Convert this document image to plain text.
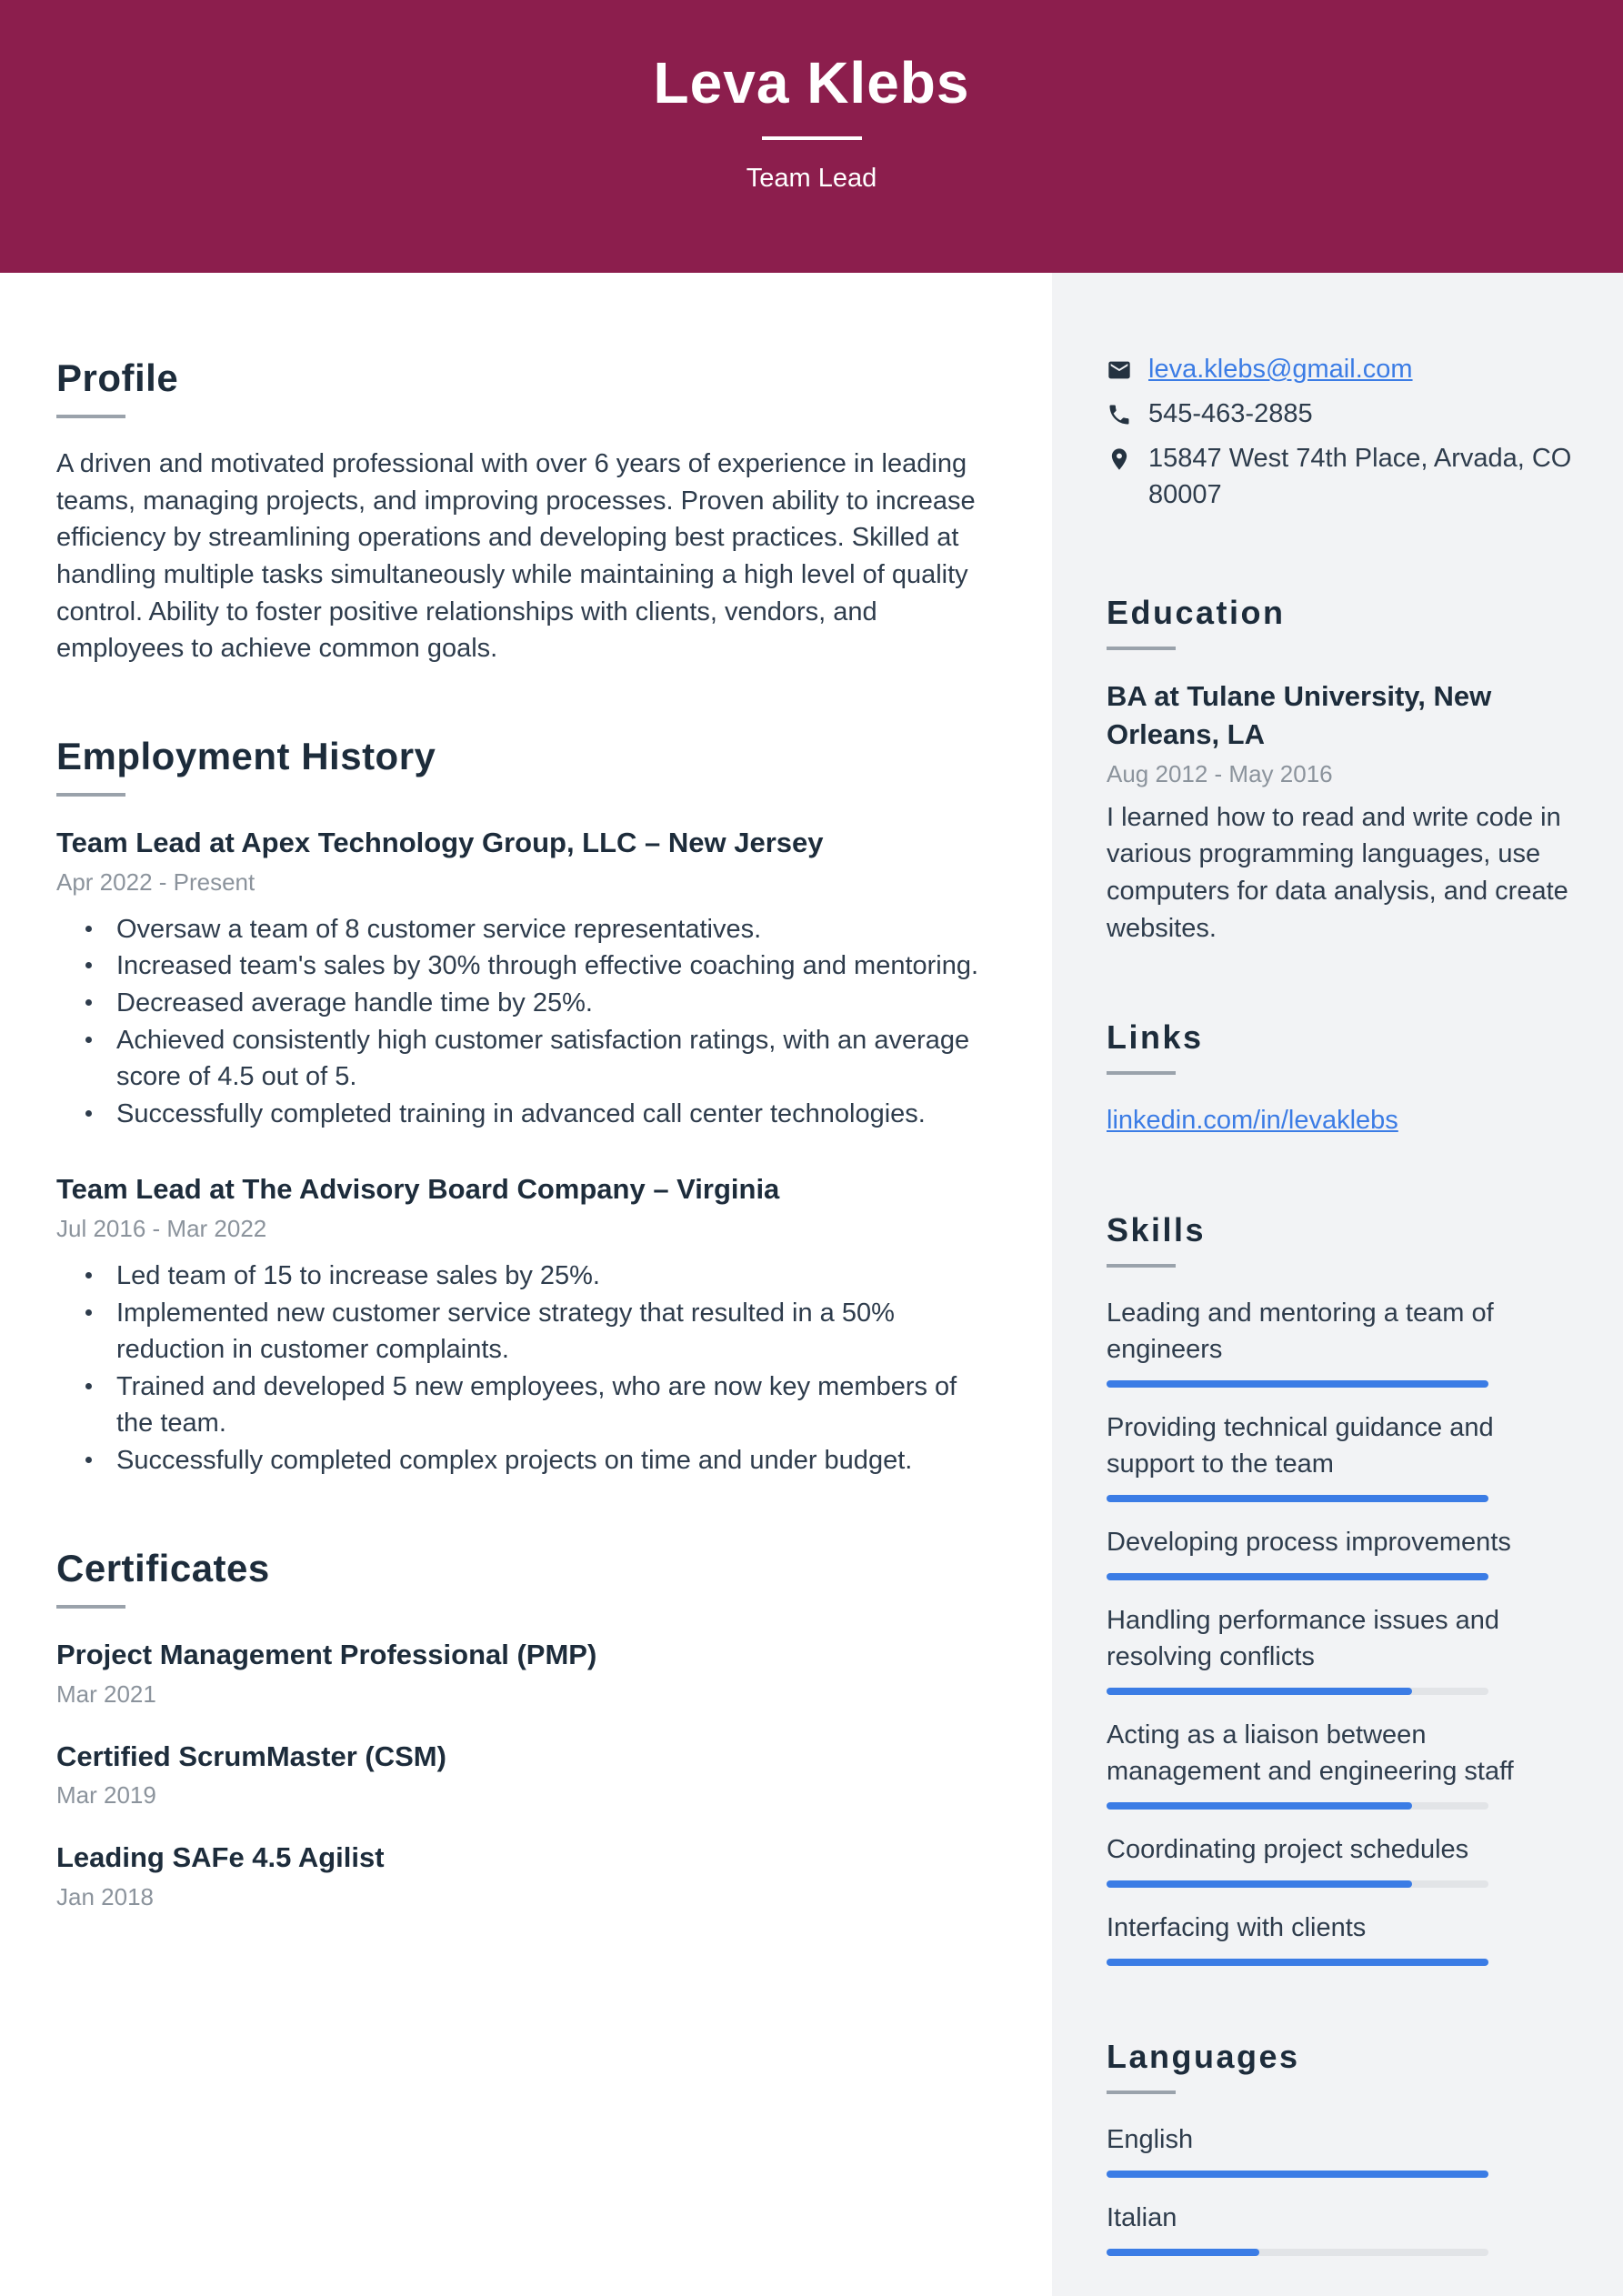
Leva Klebs
Team Lead
Profile

A driven and motivated professional with over 6 years of experience in leading teams, managing projects, and improving processes. Proven ability to increase efficiency by streamlining operations and developing best practices. Skilled at handling multiple tasks simultaneously while maintaining a high level of quality control. Ability to foster positive relationships with clients, vendors, and employees to achieve common goals.

Employment History
Team Lead at Apex Technology Group, LLC – New Jersey
Apr 2022 - Present
Oversaw a team of 8 customer service representatives.
Increased team's sales by 30% through effective coaching and mentoring.
Decreased average handle time by 25%.
Achieved consistently high customer satisfaction ratings, with an average score of 4.5 out of 5.
Successfully completed training in advanced call center technologies.
Team Lead at The Advisory Board Company – Virginia
Jul 2016 - Mar 2022
Led team of 15 to increase sales by 25%.
Implemented new customer service strategy that resulted in a 50% reduction in customer complaints.
Trained and developed 5 new employees, who are now key members of the team.
Successfully completed complex projects on time and under budget.
Certificates
Project Management Professional (PMP)
Mar 2021
Certified ScrumMaster (CSM)
Mar 2019
Leading SAFe 4.5 Agilist
Jan 2018
leva.klebs@gmail.com
545-463-2885
15847 West 74th Place, Arvada, CO 80007
Education
BA at Tulane University, New Orleans, LA
Aug 2012 - May 2016

I learned how to read and write code in various programming languages, use computers for data analysis, and create websites.

Links
linkedin.com/in/levaklebs
Skills
Leading and mentoring a team of engineers
Providing technical guidance and support to the team
Developing process improvements
Handling performance issues and resolving conflicts
Acting as a liaison between management and engineering staff
Coordinating project schedules
Interfacing with clients
Languages
English
Italian
